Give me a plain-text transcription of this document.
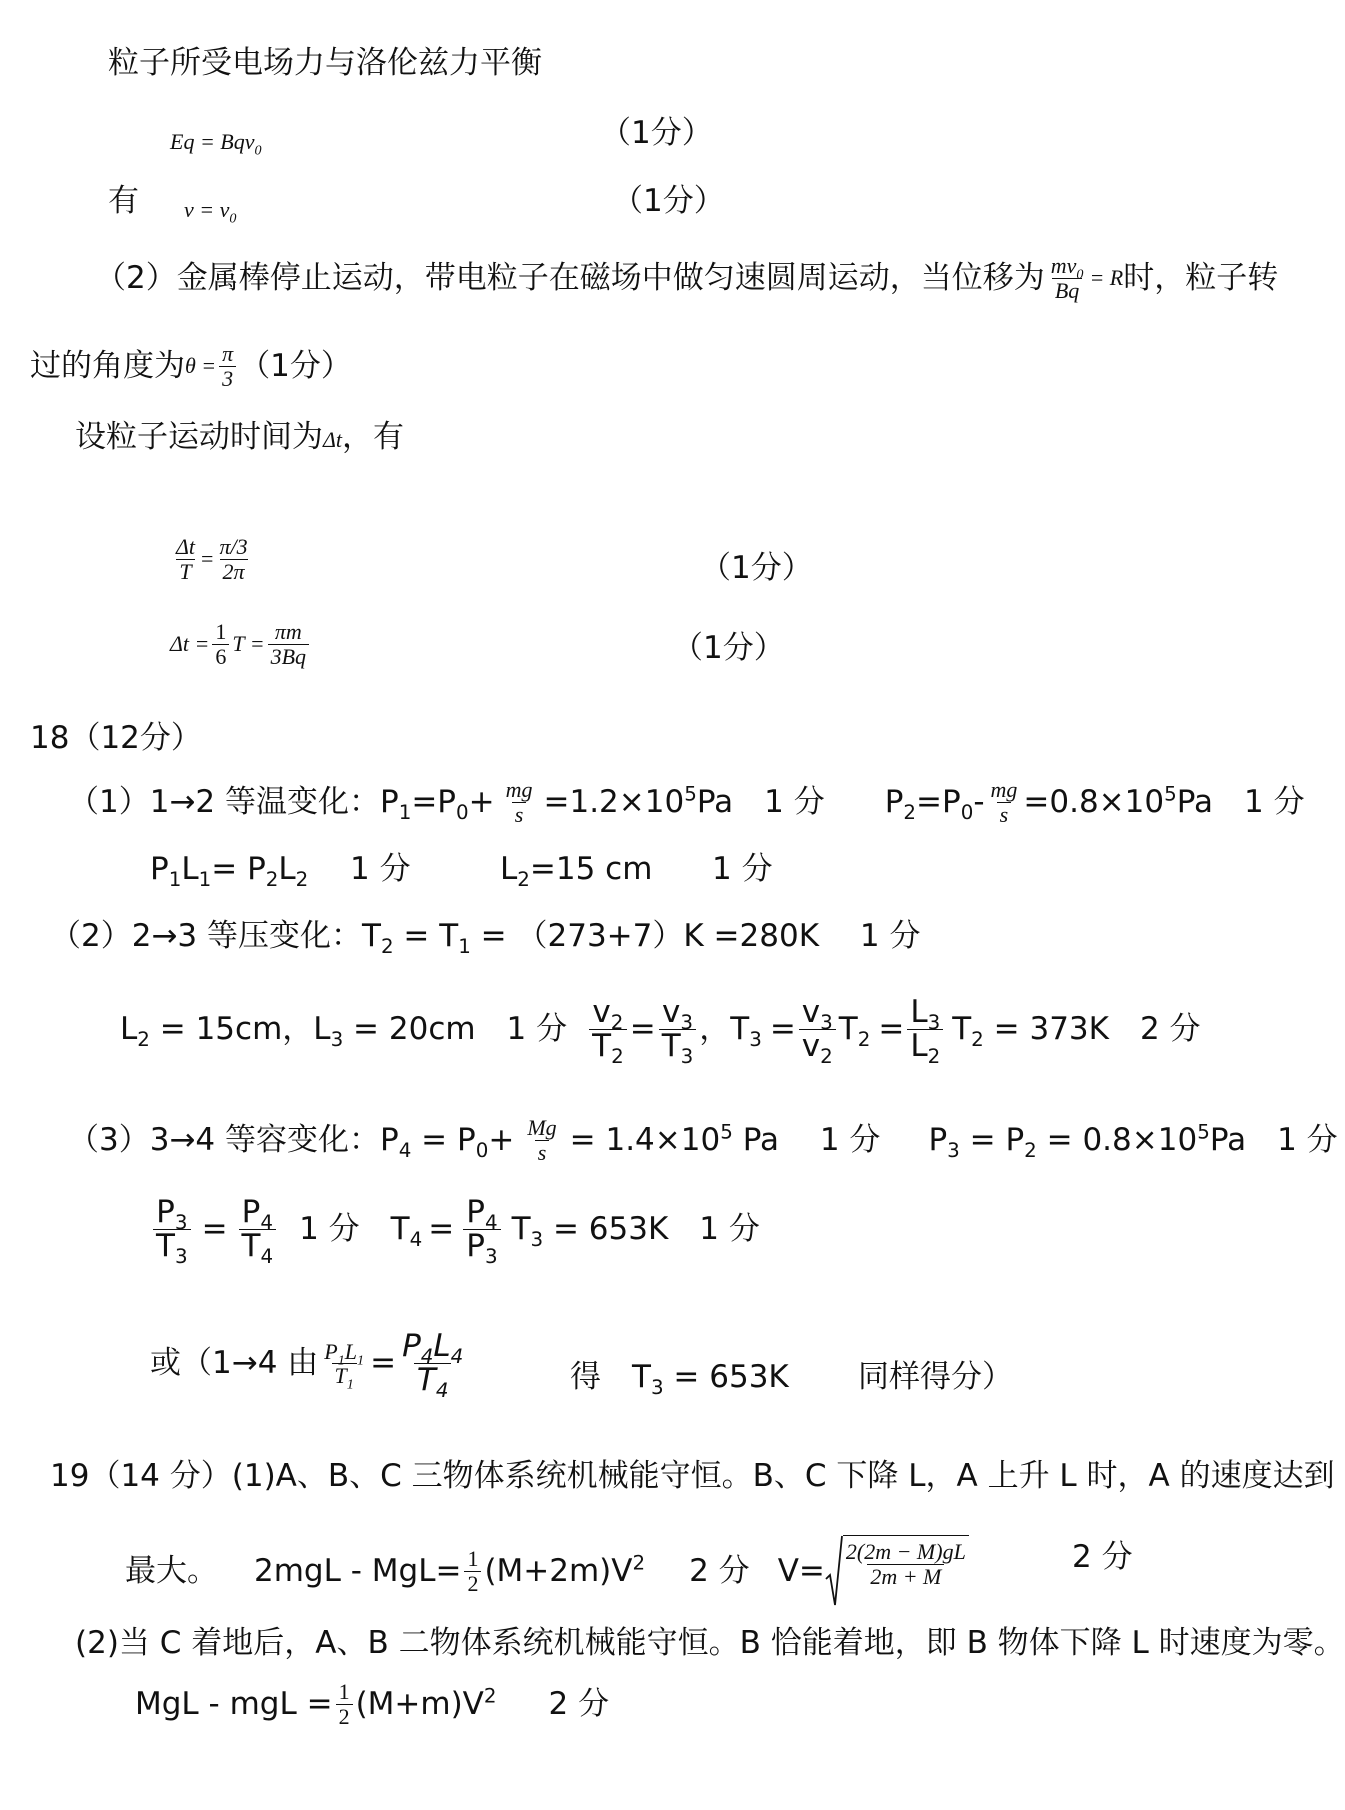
粒子所受电场力与洛伦兹力平衡
Eq = Bqv$_0$	（1分）
有 $v = v_0$	（1分）
（2）金属棒停止运动，带电粒子在磁场中做匀速圆周运动，当位移为 $\frac{mv_0}{Bq} = R$ 时，粒子转
过的角度为 $\theta = \frac{\pi}{3} (1$分）
设粒子运动时间为Δt，有
$\frac{\Delta t}{T} = \frac{\pi/3}{2\pi}$	（1分）
$\Delta t = \frac{1}{6}$ $T = \frac{\pi m}{3Bq}$	（1分）
18（12分）
（1）1→2 等温变化：$P_1=P_0+ \frac{mg}{s} =1.2\times 10^5Pa$　1 分 $P_2=P_0- \frac{mg}{s} =0.8\times 10^5Pa$　1 分
$P_1L_1= P_2L_2$ 1 分	$L_2=15$ cm 1 分
（2）2→3 等压变化：$T_2 = T_1 = (273+7)K =280K$　 1 分
$L_2 = 15cm$，$L_3 = 20cm$　1 分 $\frac{v_2}{T_2} = \frac{v_3}{T_3}$ ，$T_3 = \frac{v_3}{v_2} T_2 = \frac{L_3}{L_2} T_2 = 373K$　2 分
（3）3→4 等容变化：$P_4 = P_0+ \frac{Mg}{s} = 1.4\times 10^5$ Pa　 1 分 $P_3 = P_2 = 0.8\times 10^5Pa$　1 分
$\frac{P_3}{T_3} = \frac{P_4}{T_4} 1$ 分　$T_4 = \frac{P_4}{P_3} T_3 = 653K$　1 分
或（1→4 由 $\frac{P_1L_1}{T_1} = \frac{P_4L_4}{T_4}$	得　$T_3 = 653K$ 同样得分）
19（14 分）(1)A、B、C 三物体系统机械能守恒。B、C 下降 L，A 上升 L 时，A 的速度达到
最大。 $2mgL - MgL= \frac{1}{2} (M+2m)V^2$ 2 分 $V= \frac{2(2m - M)gL}{2m + M}$	2 分
(2)当 C 着地后，A、B 二物体系统机械能守恒。B 恰能着地，即 B 物体下降 L 时速度为零。
MgL - mgL = $\frac{1}{2} (M+m)V^2$ 2 分
